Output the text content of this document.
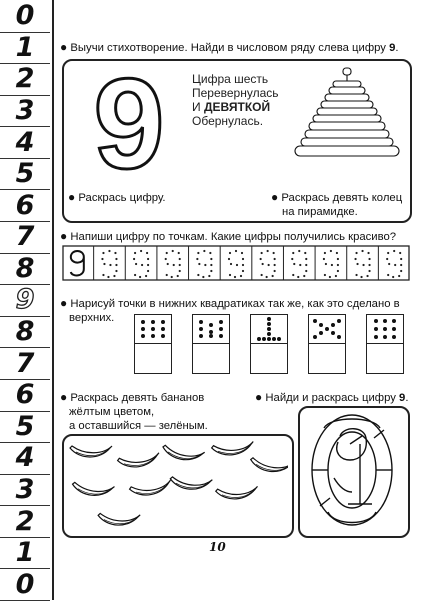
0
1
2
3
4
5
6
7
8
9
8
7
6
5
4
3
2
1
0
● Выучи стихотворение. Найди в числовом ряду слева цифру 9.
9 Цифра шесть
Перевернулась
И ДЕВЯТКОЙ
Обернулась.
● Раскрась цифру.	● Раскрась девять колец
на пирамидке.
● Напиши цифру по точкам. Какие цифры получились красиво?
● Нарисуй точки в нижних квадратиках так же, как это сделано в
верхних.
● Раскрась девять бананов
жёлтым цветом,
а оставшийся — зелёным.
● Найди и раскрась цифру 9.
10
